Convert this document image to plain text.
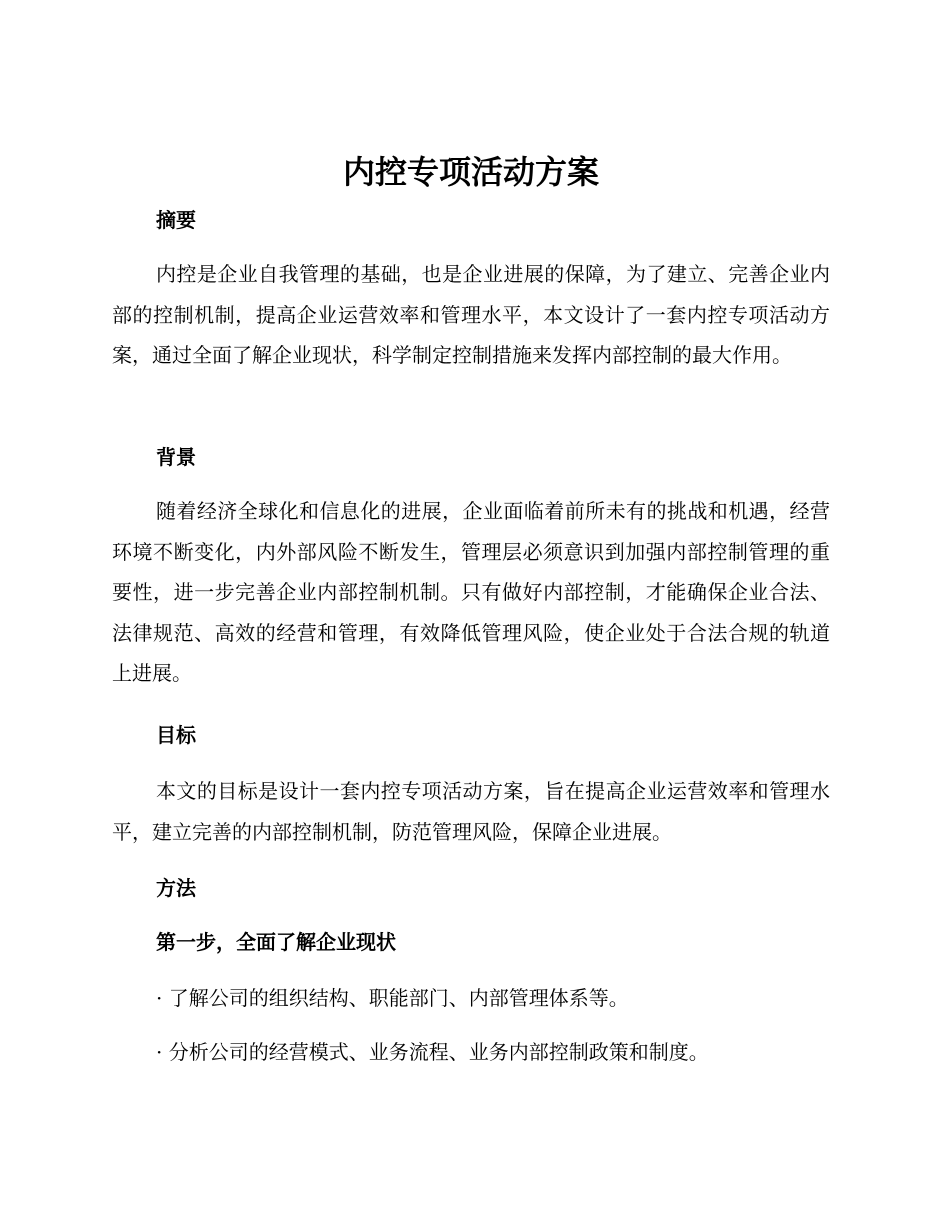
内控专项活动方案
摘要

内控是企业自我管理的基础，也是企业进展的保障，为了建立、完善企业内部的控制机制，提高企业运营效率和管理水平，本文设计了一套内控专项活动方案，通过全面了解企业现状，科学制定控制措施来发挥内部控制的最大作用。

背景

随着经济全球化和信息化的进展，企业面临着前所未有的挑战和机遇，经营环境不断变化，内外部风险不断发生，管理层必须意识到加强内部控制管理的重要性，进一步完善企业内部控制机制。只有做好内部控制，才能确保企业合法、法律规范、高效的经营和管理，有效降低管理风险，使企业处于合法合规的轨道上进展。

目标

本文的目标是设计一套内控专项活动方案，旨在提高企业运营效率和管理水平，建立完善的内部控制机制，防范管理风险，保障企业进展。

方法
第一步，全面了解企业现状

· 了解公司的组织结构、职能部门、内部管理体系等。

· 分析公司的经营模式、业务流程、业务内部控制政策和制度。
